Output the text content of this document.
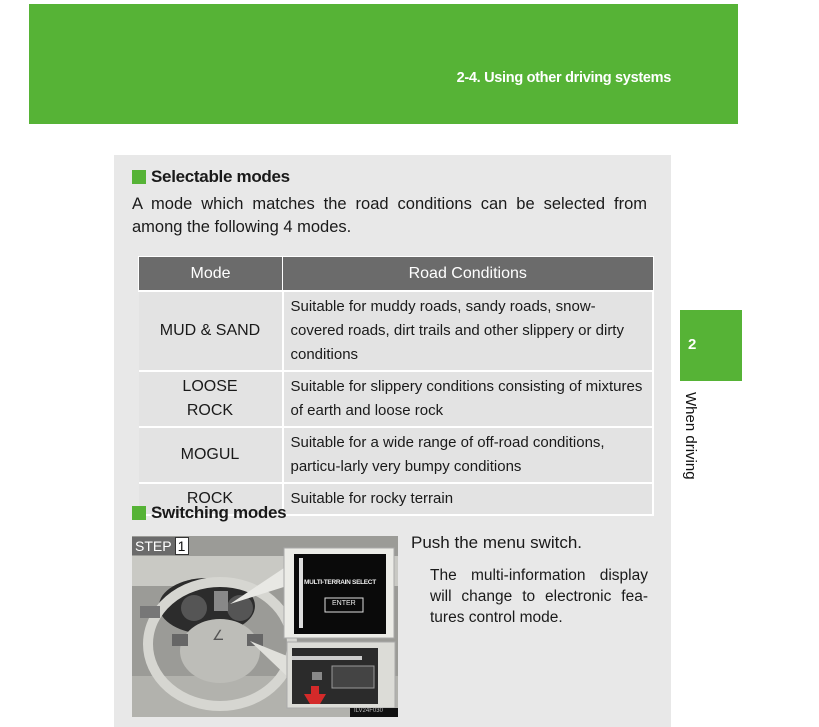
2-4. Using other driving systems
2
When driving
Selectable modes
A mode which matches the road conditions can be selected from among the following 4 modes.
Mode	Road Conditions
MUD & SAND	Suitable for muddy roads, sandy roads, snow-covered roads, dirt trails and other slippery or dirty conditions
LOOSE ROCK	Suitable for slippery conditions consisting of mixtures of earth and loose rock
MOGUL	Suitable for a wide range of off-road conditions, particu-larly very bumpy conditions
ROCK	Suitable for rocky terrain
Switching modes
STEP 1
∠
MULTI-TERRAIN SELECT
ENTER
ILV24F030
Push the menu switch.
The multi-information display will change to electronic fea-tures control mode.
